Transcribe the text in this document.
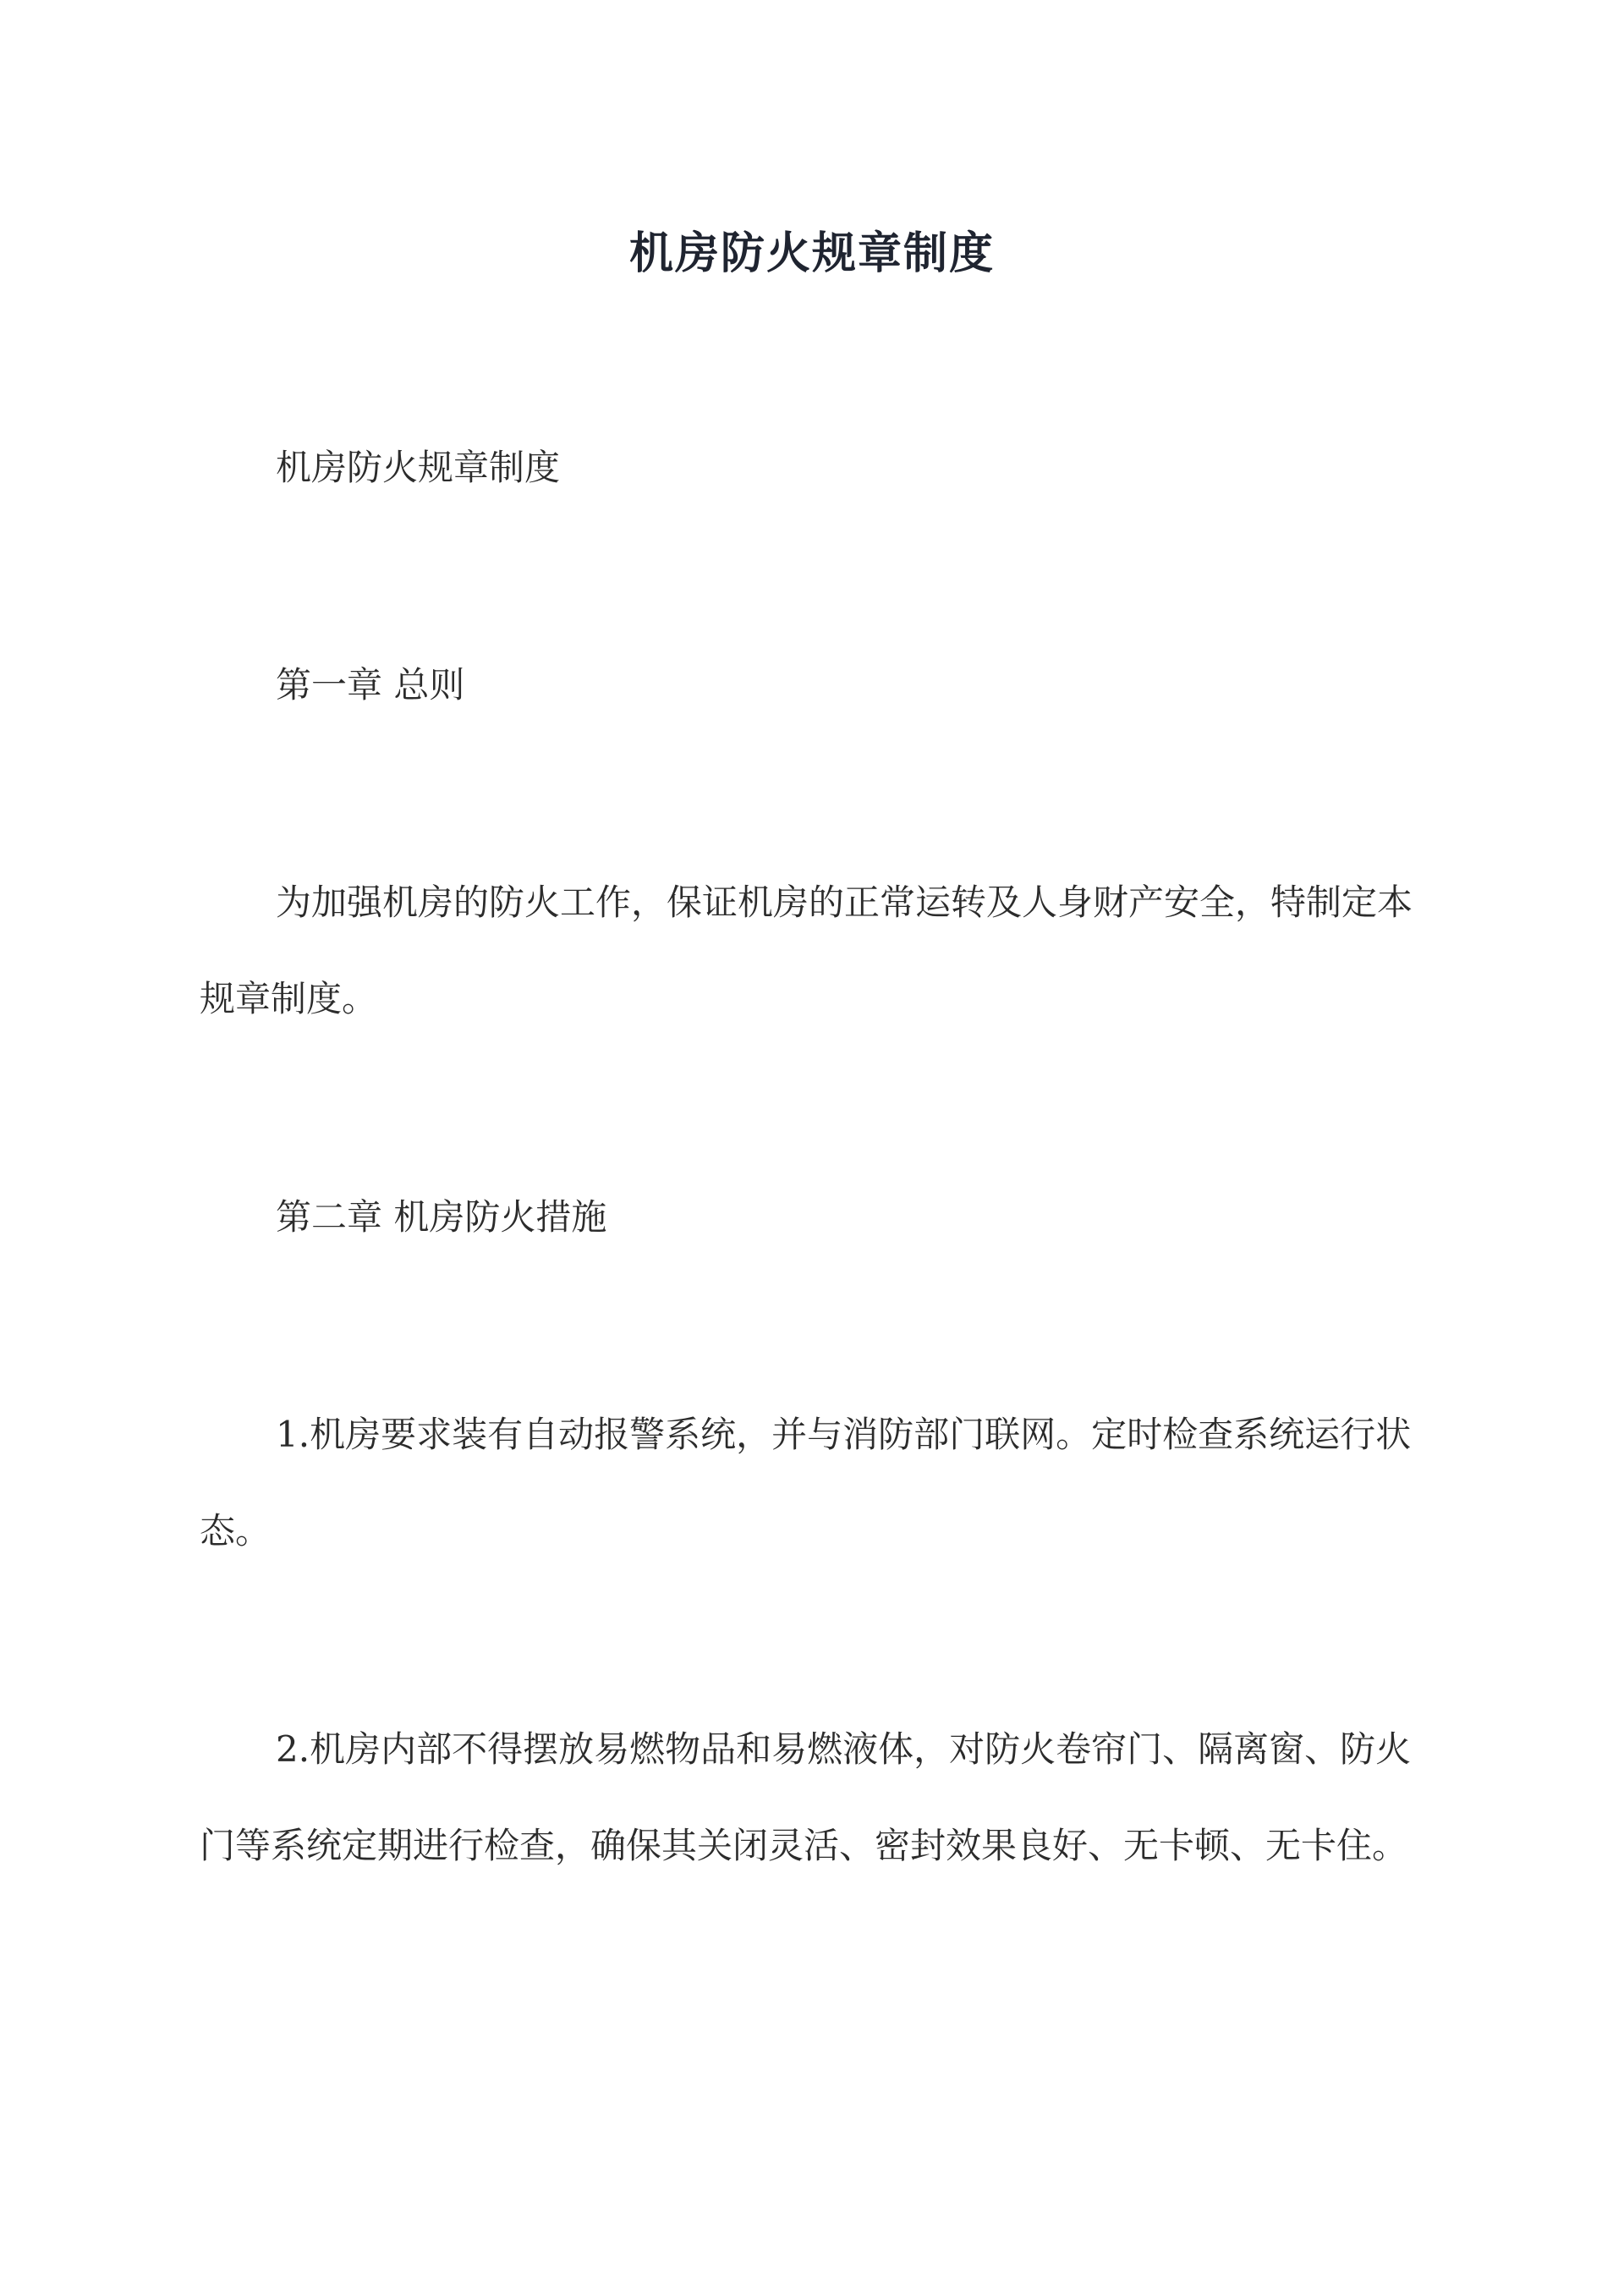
机房防火规章制度

机房防火规章制度

第一章 总则

为加强机房的防火工作，保证机房的正常运转及人身财产安全，特制定本规章制度。

第二章 机房防火措施

1.机房要求装有自动报警系统，并与消防部门联网。定时检查系统运行状态。

2.机房内部不得摆放易燃物品和易燃液体，对防火卷帘门、隔离窗、防火门等系统定期进行检查，确保其关闭灵活、密封效果良好、无卡顿、无卡住。
